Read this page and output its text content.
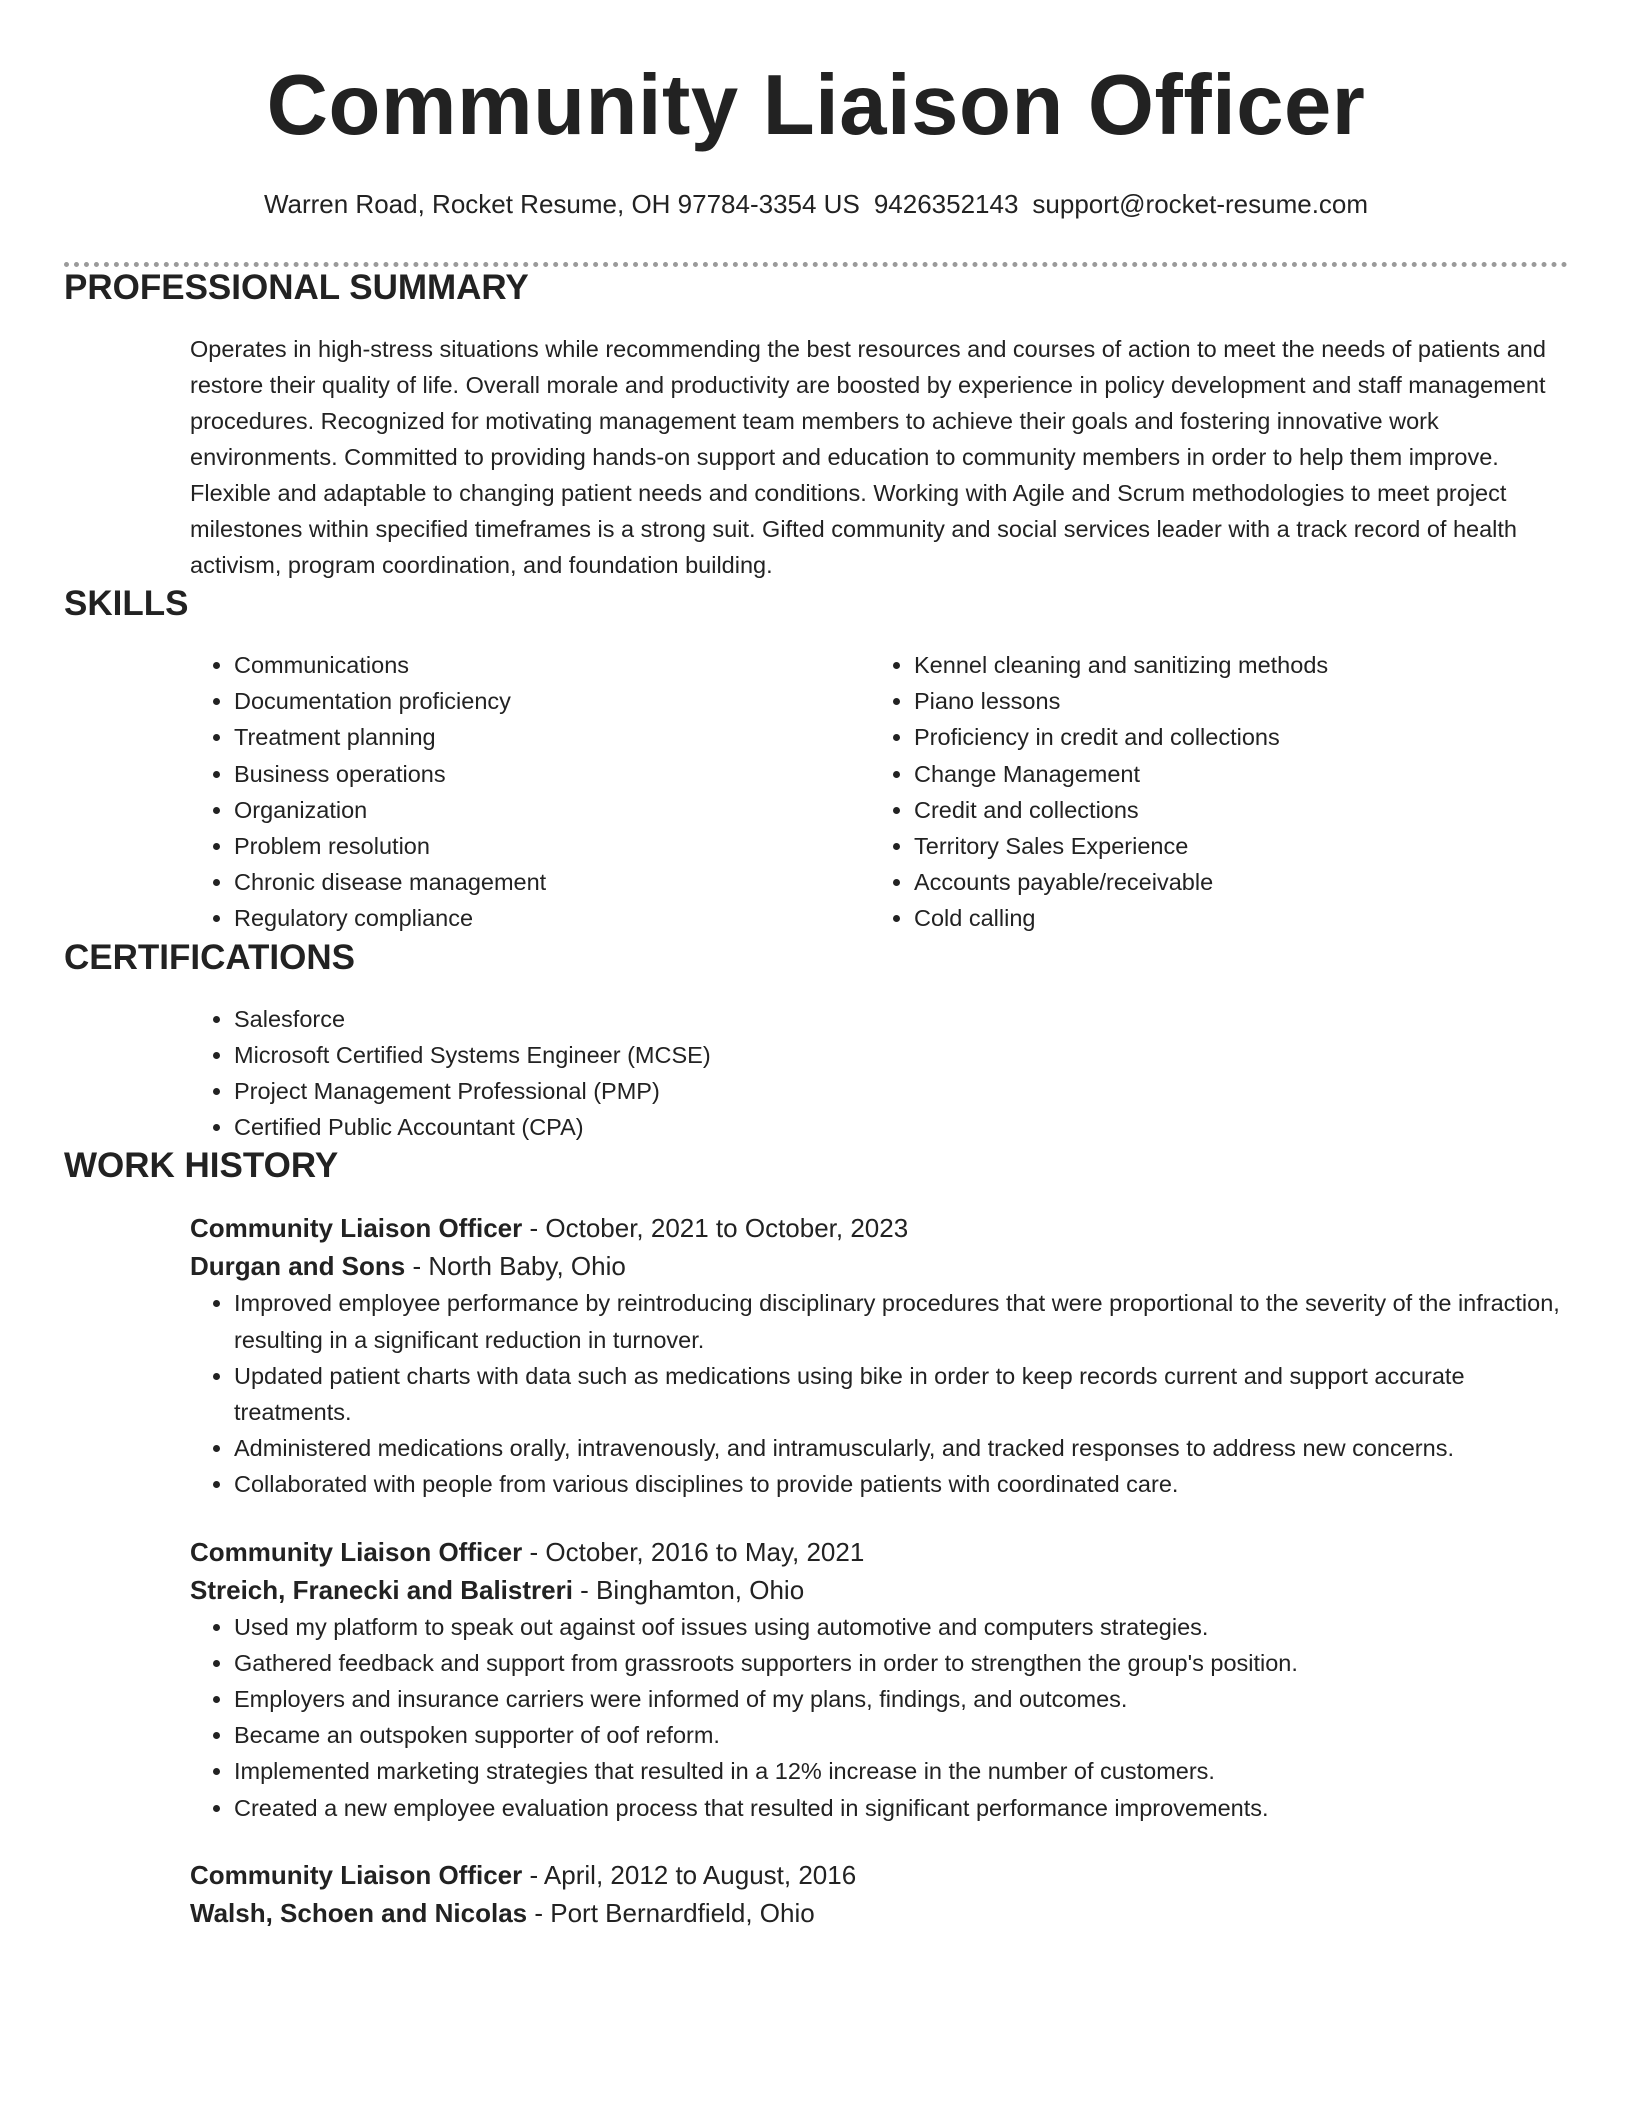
Community Liaison Officer
Warren Road, Rocket Resume, OH 97784-3354 US 9426352143 support@rocket-resume.com
PROFESSIONAL SUMMARY

Operates in high-stress situations while recommending the best resources and courses of action to meet the needs of patients and restore their quality of life. Overall morale and productivity are boosted by experience in policy development and staff management procedures. Recognized for motivating management team members to achieve their goals and fostering innovative work environments. Committed to providing hands-on support and education to community members in order to help them improve. Flexible and adaptable to changing patient needs and conditions. Working with Agile and Scrum methodologies to meet project milestones within specified timeframes is a strong suit. Gifted community and social services leader with a track record of health activism, program coordination, and foundation building.

SKILLS
• Communications
• Documentation proficiency
• Treatment planning
• Business operations
• Organization
• Problem resolution
• Chronic disease management
• Regulatory compliance
• Kennel cleaning and sanitizing methods
• Piano lessons
• Proficiency in credit and collections
• Change Management
• Credit and collections
• Territory Sales Experience
• Accounts payable/receivable
• Cold calling
CERTIFICATIONS
• Salesforce
• Microsoft Certified Systems Engineer (MCSE)
• Project Management Professional (PMP)
• Certified Public Accountant (CPA)
WORK HISTORY
Community Liaison Officer - October, 2021 to October, 2023
Durgan and Sons - North Baby, Ohio
• Improved employee performance by reintroducing disciplinary procedures that were proportional to the severity of the infraction, resulting in a significant reduction in turnover.
• Updated patient charts with data such as medications using bike in order to keep records current and support accurate treatments.
• Administered medications orally, intravenously, and intramuscularly, and tracked responses to address new concerns.
• Collaborated with people from various disciplines to provide patients with coordinated care.
Community Liaison Officer - October, 2016 to May, 2021
Streich, Franecki and Balistreri - Binghamton, Ohio
• Used my platform to speak out against oof issues using automotive and computers strategies.
• Gathered feedback and support from grassroots supporters in order to strengthen the group's position.
• Employers and insurance carriers were informed of my plans, findings, and outcomes.
• Became an outspoken supporter of oof reform.
• Implemented marketing strategies that resulted in a 12% increase in the number of customers.
• Created a new employee evaluation process that resulted in significant performance improvements.
Community Liaison Officer - April, 2012 to August, 2016
Walsh, Schoen and Nicolas - Port Bernardfield, Ohio
